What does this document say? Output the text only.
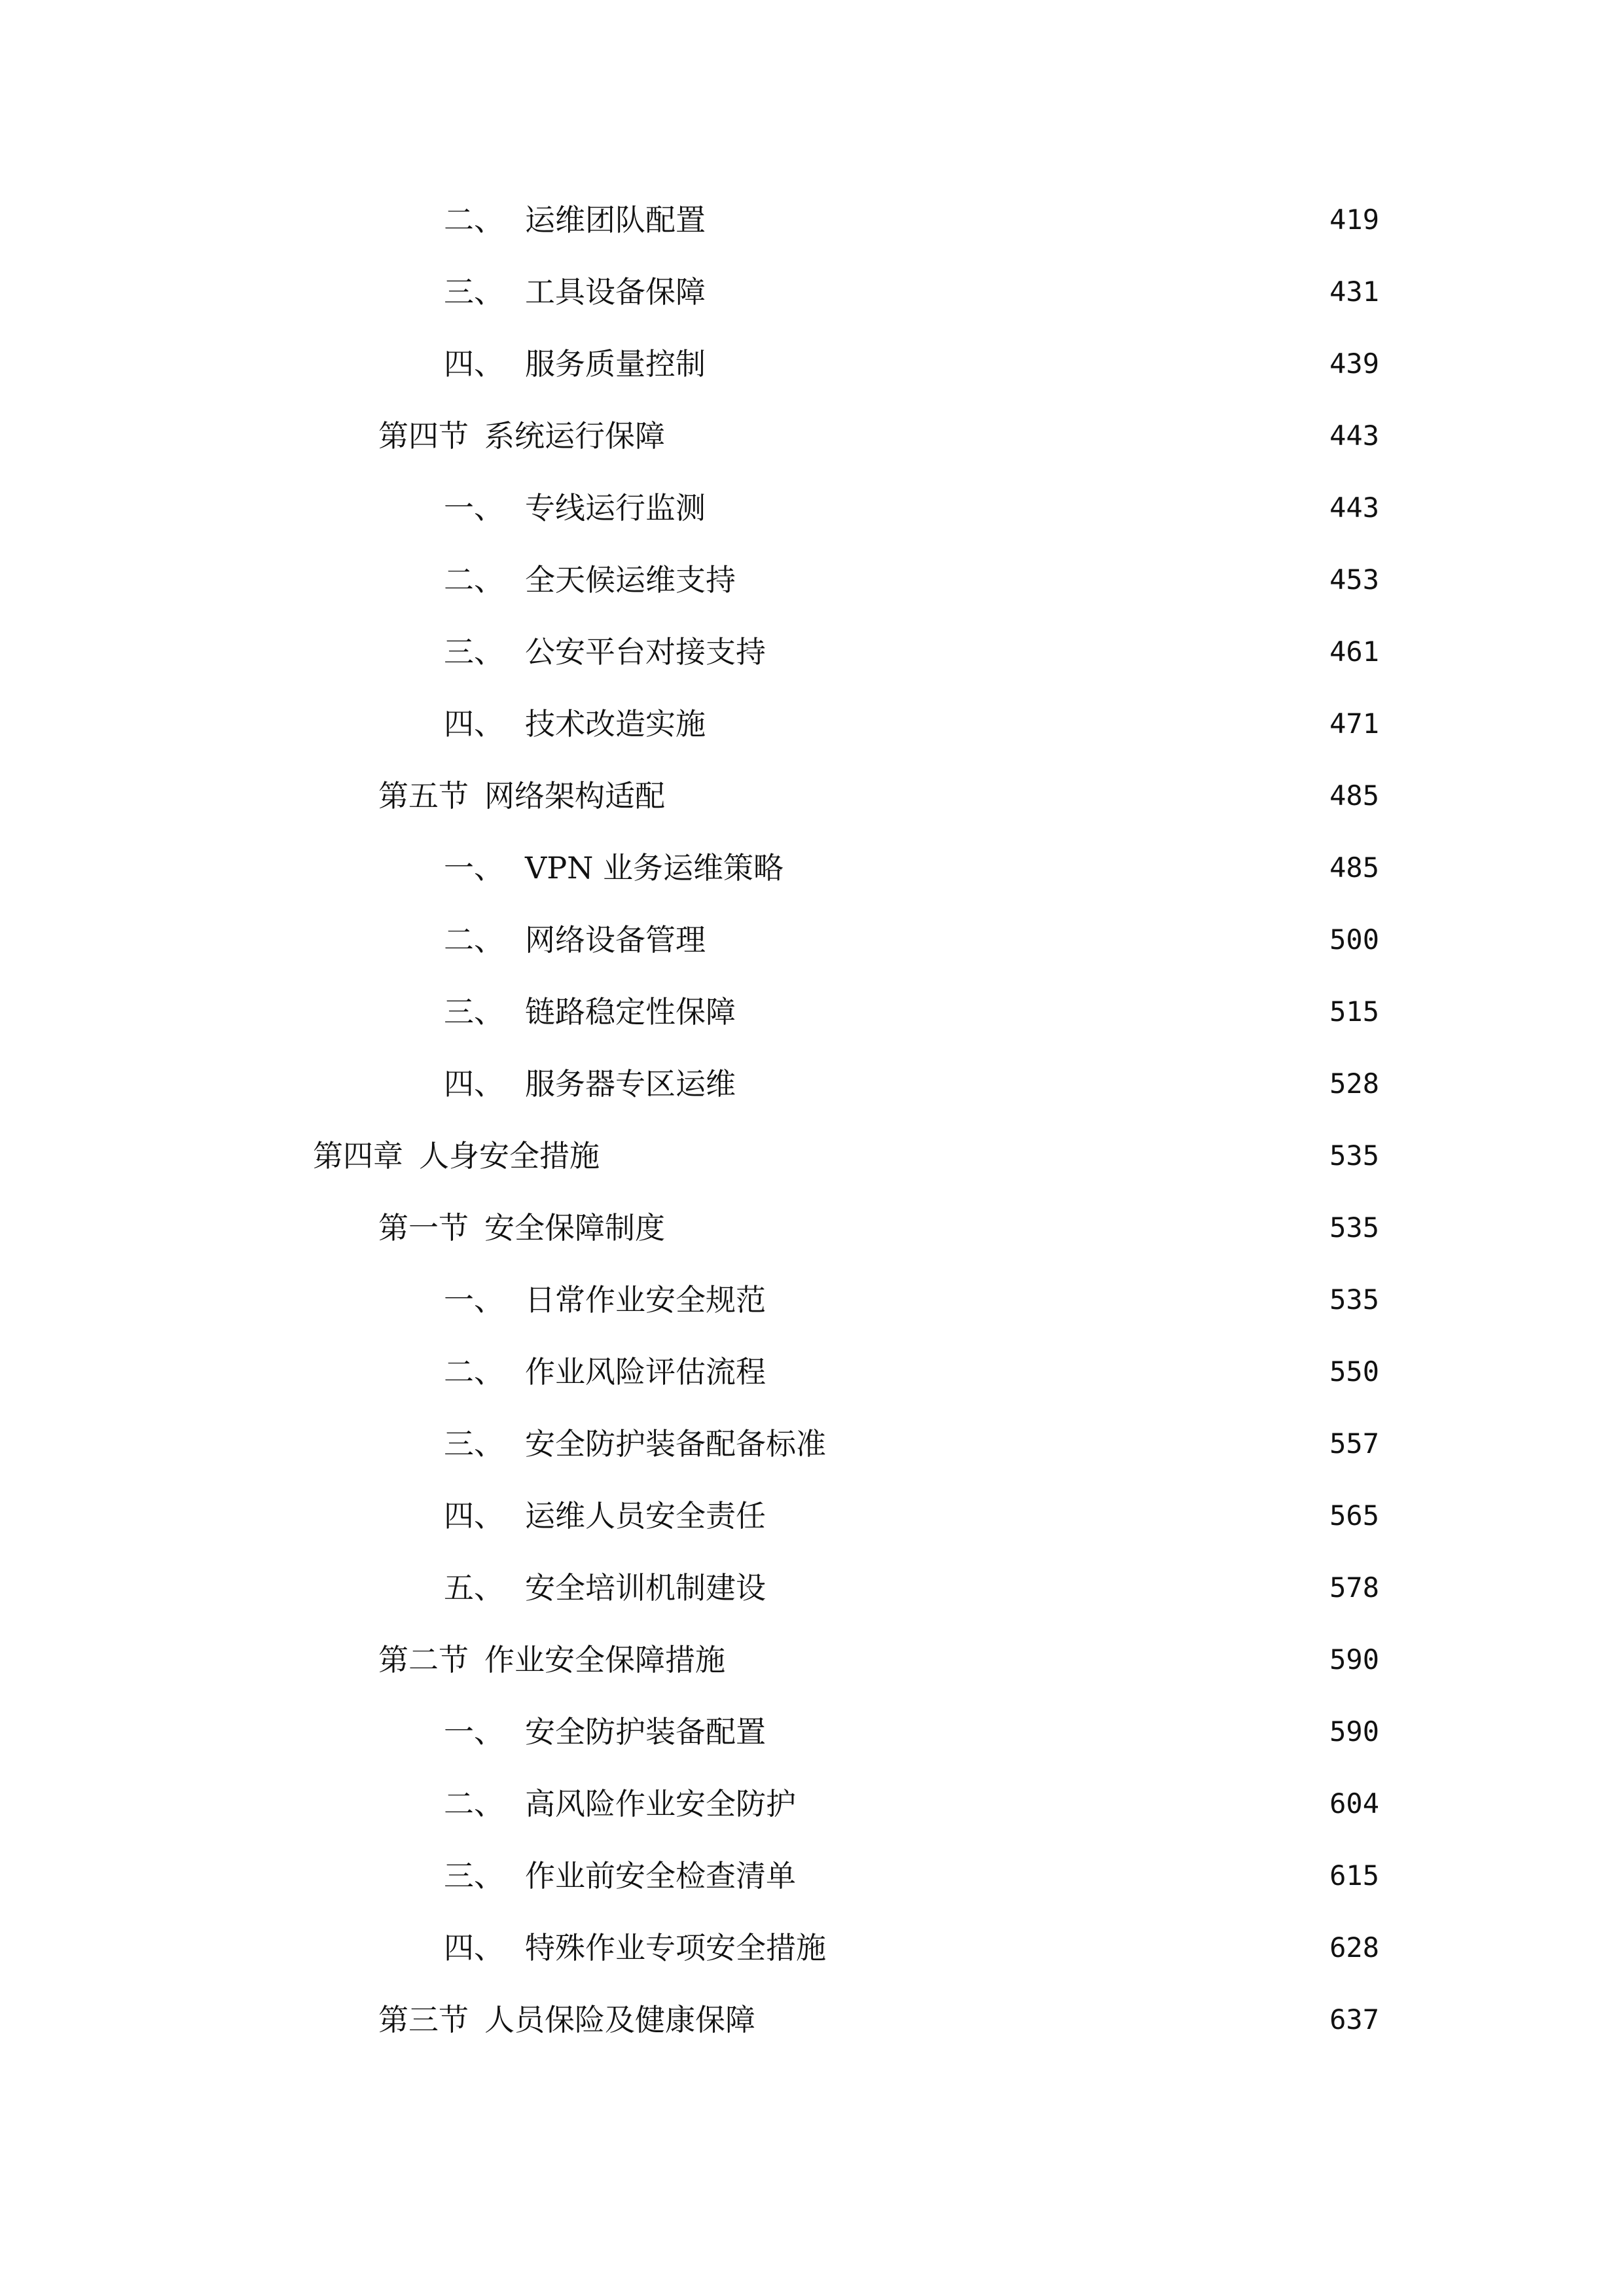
二、 运维团队配置	419
三、 工具设备保障	431
四、 服务质量控制	439
第四节 系统运行保障	443
一、 专线运行监测	443
二、 全天候运维支持	453
三、 公安平台对接支持	461
四、 技术改造实施	471
第五节 网络架构适配	485
一、 VPN 业务运维策略	485
二、 网络设备管理	500
三、 链路稳定性保障	515
四、 服务器专区运维	528
第四章 人身安全措施	535
第一节 安全保障制度	535
一、 日常作业安全规范	535
二、 作业风险评估流程	550
三、 安全防护装备配备标准	557
四、 运维人员安全责任	565
五、 安全培训机制建设	578
第二节 作业安全保障措施	590
一、 安全防护装备配置	590
二、 高风险作业安全防护	604
三、 作业前安全检查清单	615
四、 特殊作业专项安全措施	628
第三节 人员保险及健康保障	637
